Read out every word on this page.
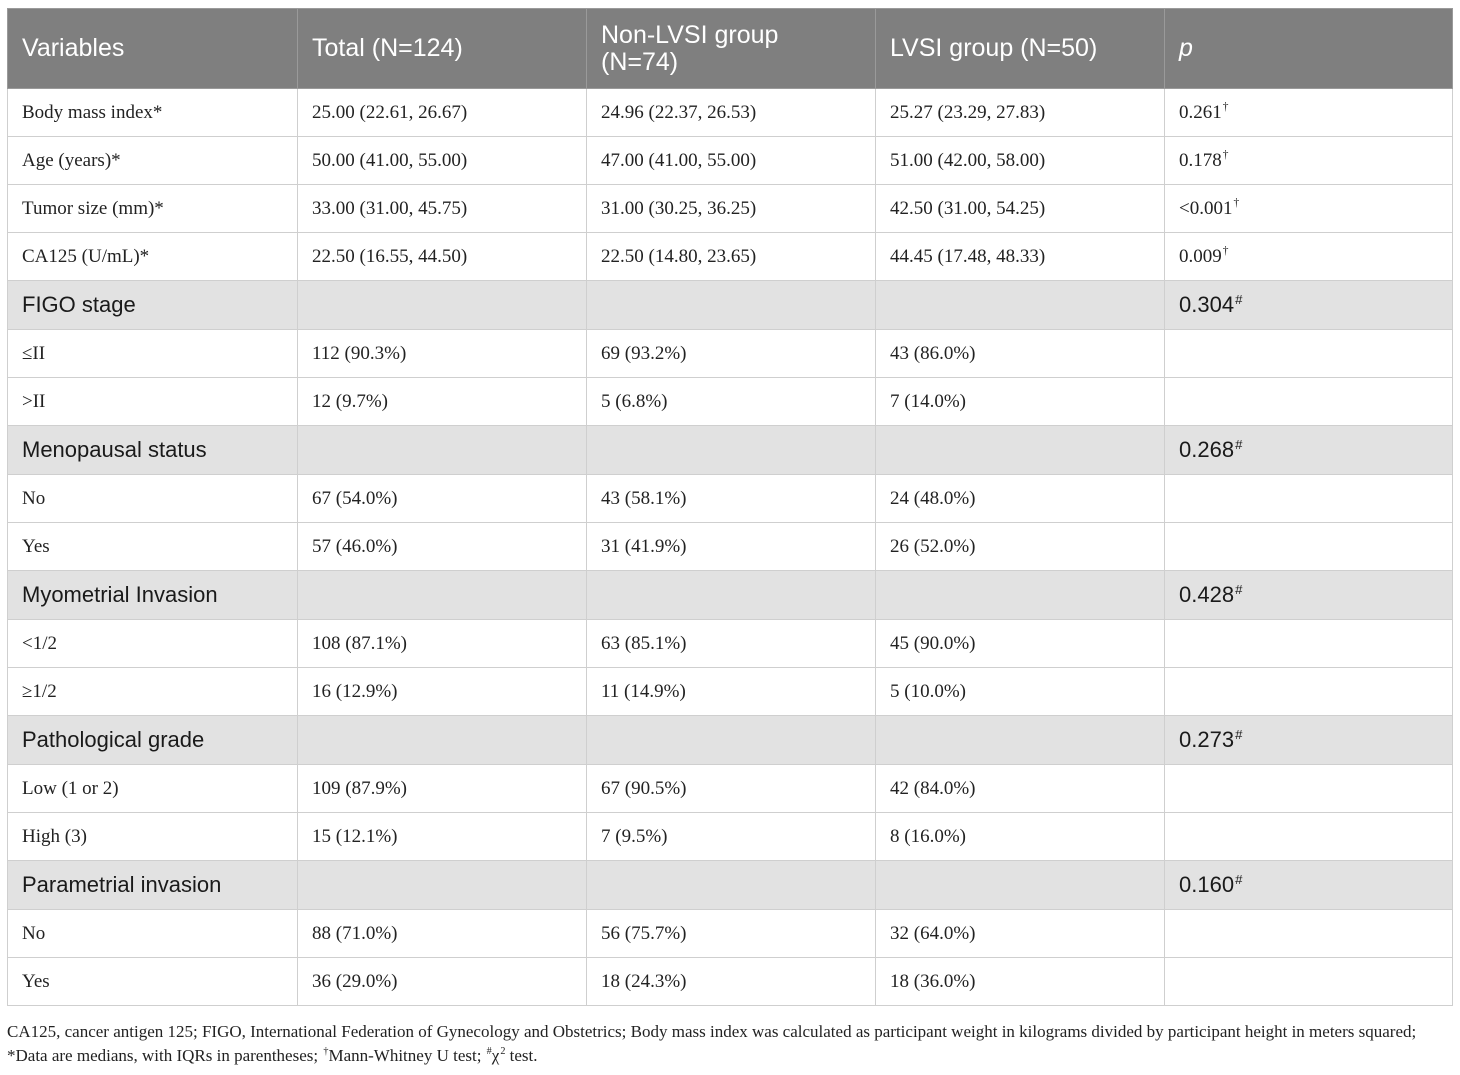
Variables	Total (N=124)	Non-LVSI group (N=74)	LVSI group (N=50)	p
Body mass index*	25.00 (22.61, 26.67)	24.96 (22.37, 26.53)	25.27 (23.29, 27.83)	0.261†
Age (years)*	50.00 (41.00, 55.00)	47.00 (41.00, 55.00)	51.00 (42.00, 58.00)	0.178†
Tumor size (mm)*	33.00 (31.00, 45.75)	31.00 (30.25, 36.25)	42.50 (31.00, 54.25)	<0.001†
CA125 (U/mL)*	22.50 (16.55, 44.50)	22.50 (14.80, 23.65)	44.45 (17.48, 48.33)	0.009†
FIGO stage				0.304#
≤II	112 (90.3%)	69 (93.2%)	43 (86.0%)	
>II	12 (9.7%)	5 (6.8%)	7 (14.0%)	
Menopausal status				0.268#
No	67 (54.0%)	43 (58.1%)	24 (48.0%)	
Yes	57 (46.0%)	31 (41.9%)	26 (52.0%)	
Myometrial Invasion				0.428#
<1/2	108 (87.1%)	63 (85.1%)	45 (90.0%)	
≥1/2	16 (12.9%)	11 (14.9%)	5 (10.0%)	
Pathological grade				0.273#
Low (1 or 2)	109 (87.9%)	67 (90.5%)	42 (84.0%)	
High (3)	15 (12.1%)	7 (9.5%)	8 (16.0%)	
Parametrial invasion				0.160#
No	88 (71.0%)	56 (75.7%)	32 (64.0%)	
Yes	36 (29.0%)	18 (24.3%)	18 (36.0%)	

CA125, cancer antigen 125; FIGO, International Federation of Gynecology and Obstetrics; Body mass index was calculated as participant weight in kilograms divided by participant height in meters squared; *Data are medians, with IQRs in parentheses; †Mann-Whitney U test; $^{\#}\chi^2$ test.
